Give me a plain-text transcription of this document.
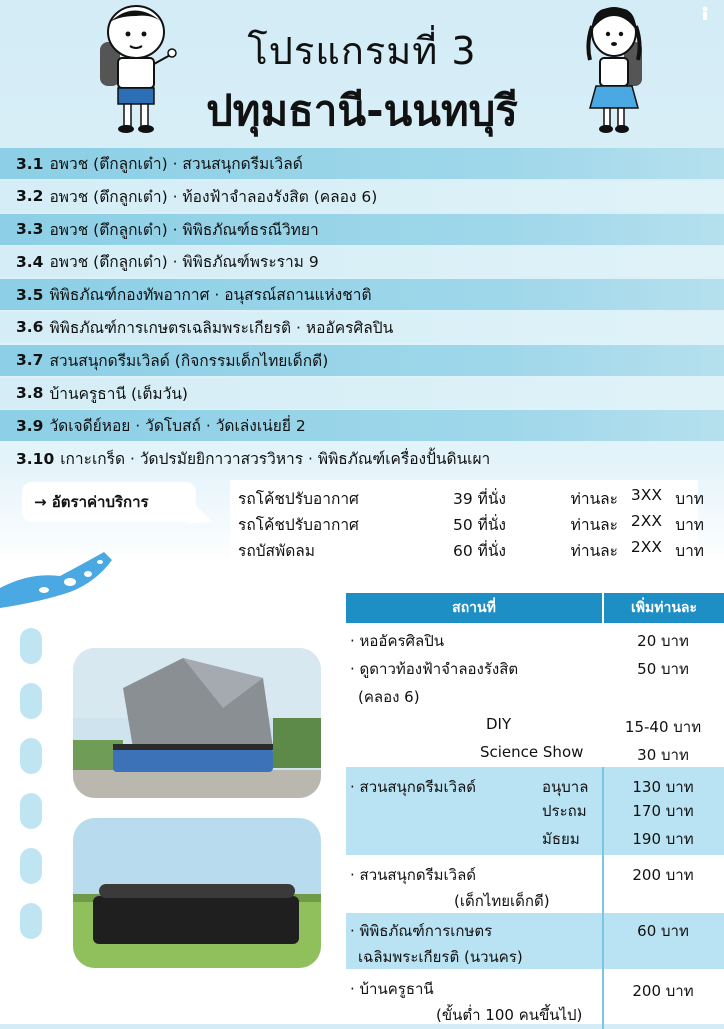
โปรแกรมที่ 3
ปทุมธานี-นนทบุรี
3.1 อพวช (ตึกลูกเต๋า) · สวนสนุกดรีมเวิลด์
3.2 อพวช (ตึกลูกเต๋า) · ท้องฟ้าจำลองรังสิต (คลอง 6)
3.3 อพวช (ตึกลูกเต๋า) · พิพิธภัณฑ์ธรณีวิทยา
3.4 อพวช (ตึกลูกเต๋า) · พิพิธภัณฑ์พระราม 9
3.5 พิพิธภัณฑ์กองทัพอากาศ · อนุสรณ์สถานแห่งชาติ
3.6 พิพิธภัณฑ์การเกษตรเฉลิมพระเกียรติ · หออัครศิลปิน
3.7 สวนสนุกดรีมเวิลด์ (กิจกรรมเด็กไทยเด็กดี)
3.8 บ้านครูธานี (เต็มวัน)
3.9 วัดเจดีย์หอย · วัดโบสถ์ · วัดเล่งเน่ยยี่ 2
3.10 เกาะเกร็ด · วัดปรมัยยิกาวาสวรวิหาร · พิพิธภัณฑ์เครื่องปั้นดินเผา
→ อัตราค่าบริการ	รถโค้ชปรับอากาศ	39 ที่นั่ง	ท่านละ 3XX บาท
รถโค้ชปรับอากาศ	50 ที่นั่ง	ท่านละ 2XX บาท
รถบัสพัดลม	60 ที่นั่ง	ท่านละ 2XX บาท
สถานที่	เพิ่มท่านละ
· หออัครศิลปิน	20 บาท
· ดูดาวท้องฟ้าจำลองรังสิต	50 บาท
(คลอง 6)
DIY	15-40 บาท
Science Show	30 บาท
· สวนสนุกดรีมเวิลด์	อนุบาล	130 บาท
ประถม	170 บาท
มัธยม	190 บาท
· สวนสนุกดรีมเวิลด์	200 บาท
(เด็กไทยเด็กดี)
· พิพิธภัณฑ์การเกษตร	60 บาท
เฉลิมพระเกียรติ (นวนคร)
· บ้านครูธานี	200 บาท
(ขั้นต่ำ 100 คนขึ้นไป)
